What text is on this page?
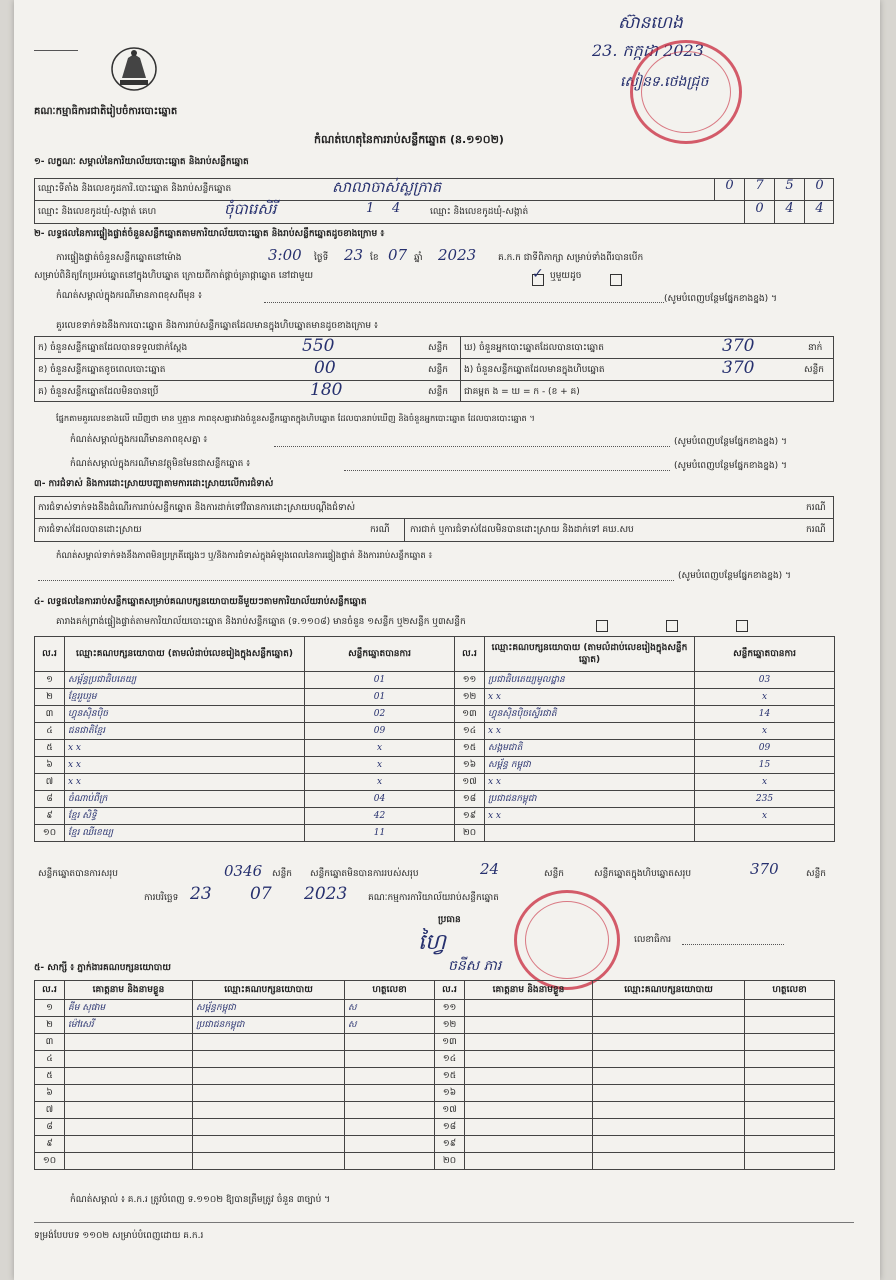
គណៈកម្មាធិការជាតិរៀបចំការបោះឆ្នោត
ស៊ានហេង
23. កក្កដា 2023
សៀនទ.ថេងជ្រុច
កំណត់ហេតុនៃការរាប់សន្លឹកឆ្នោត (ន.១១០២)
១- លក្ខណៈ សម្គាល់នៃការិយាល័យបោះឆ្នោត និងរាប់សន្លឹកឆ្នោត
ឈ្មោះទីតាំង និងលេខកូដការិ.បោះឆ្នោត និងរាប់សន្លឹកឆ្នោត	សាលាចាស់ស្លក្រាត	0	7	5	0
ឈ្មោះ និងលេខកូដឃុំ-សង្កាត់ គេហ	ចុំបារេសិរី	1 4	ឈ្មោះ និងលេខកូដឃុំ-សង្កាត់	0	4	4
២- លទ្ធផលនៃការផ្ទៀងផ្ទាត់ចំនួនសន្លឹកឆ្នោតតាមការិយាល័យបោះឆ្នោត និងរាប់សន្លឹកឆ្នោតដូចខាងក្រោម ៖
ការផ្ទៀងផ្ទាត់ចំនួនសន្លឹកឆ្នោតនៅម៉ោង	3:00 ថ្ងៃទី 23 ខែ 07 ឆ្នាំ 2023 គ.ក.ក ជាទីពិភាក្សា សម្រាប់ទាំងពីរបានបើក
សម្រាប់ពិនិត្យកែប្រអប់ឆ្នោតនៅក្នុងហិបឆ្នោត ក្រោយពីកាត់ផ្តាច់ត្រាផ្កាឆ្នោត នៅជាមួយ	✓ ឬមួយដូច
កំណត់សម្គាល់ក្នុងករណីមានភាពខុសពីមុន ៖	(សូមបំពេញបន្ថែមផ្នែកខាងខ្នង) ។
គួរលេខទាក់ទងនឹងការបោះឆ្នោត និងការរាប់សន្លឹកឆ្នោតដែលមានក្នុងហិបឆ្នោតមានដូចខាងក្រោម ៖
ក) ចំនួនសន្លឹកឆ្នោតដែលបានទទួលជាក់ស្តែង	550	សន្លឹក
ខ) ចំនួនសន្លឹកឆ្នោតខូចពេលបោះឆ្នោត	00	សន្លឹក
គ) ចំនួនសន្លឹកឆ្នោតដែលមិនបានប្រើ	180	សន្លឹក
ឃ) ចំនួនអ្នកបោះឆ្នោតដែលបានបោះឆ្នោត	370	នាក់
ង) ចំនួនសន្លឹកឆ្នោតដែលមានក្នុងហិបឆ្នោត	370	សន្លឹក
ជាគម្ពត ង = ឃ = ក - (ខ + គ)
ផ្នែកតាមគួរលេខខាងលើ ឃើញថា មាន ឬគ្មាន ភាពខុសគ្នារវាងចំនួនសន្លឹកឆ្នោតក្នុងហិបឆ្នោត ដែលបានរាប់ឃើញ និងចំនួនអ្នកបោះឆ្នោត ដែលបានបោះឆ្នោត ។
កំណត់សម្គាល់ក្នុងករណីមានភាពខុសគ្នា ៖	(សូមបំពេញបន្ថែមផ្នែកខាងខ្នង) ។
កំណត់សម្គាល់ក្នុងករណីមានវត្ថុមិនមែនជាសន្លឹកឆ្នោត ៖	(សូមបំពេញបន្ថែមផ្នែកខាងខ្នង) ។
៣- ការជំទាស់ និងការដោះស្រាយបញ្ហាតាមការដោះស្រាយលើការជំទាស់
ការជំទាស់ទាក់ទងនឹងដំណើរការរាប់សន្លឹកឆ្នោត និងការដាក់ទៅវិធានការដោះស្រាយបណ្តឹងជំទាស់	ករណី
ការជំទាស់ដែលបានដោះស្រាយ	ករណី ការជាក់ ឬការជំទាស់ដែលមិនបានដោះស្រាយ និងដាក់ទៅ គឃ.សប	ករណី
កំណត់សម្គាល់ទាក់ទងនឹងភាពមិនប្រក្រតីផ្សេងៗ ឬ/និងការជំទាស់ក្នុងអំឡុងពេលនៃការផ្ទៀងផ្ទាត់ និងការរាប់សន្លឹកឆ្នោត ៖
(សូមបំពេញបន្ថែមផ្នែកខាងខ្នង) ។
៤- លទ្ធផលនៃការរាប់សន្លឹកឆ្នោតសម្រាប់គណបក្សនយោបាយនីមួយៗតាមការិយាល័យរាប់សន្លឹកឆ្នោត
គារាងគក់ព្រាង់ផ្ទៀងផ្ទាត់តាមការិយាល័យបោះឆ្នោត និងរាប់សន្លឹកឆ្នោត (ទ.១១០៨) មានចំនួន ១សន្លឹក ឬ២សន្លឹក ឬ៣សន្លឹក
ល.រ	ឈ្មោះគណបក្សនយោបាយ (តាមលំដាប់លេខរៀងក្នុងសន្លឹកឆ្នោត)	សន្លឹកឆ្នោតបានការ	ល.រ	ឈ្មោះគណបក្សនយោបាយ (តាមលំដាប់លេខរៀងក្នុងសន្លឹកឆ្នោត)	សន្លឹកឆ្នោតបានការ
១	សម្ព័ន្ធប្រជាធិបតេយ្យ	01	១១	ប្រជាធិបតេយ្យមូលដ្ឋាន	03
២	ខ្មែររួបរួម	01	១២	x x	x
៣	ហ្វុនស៊ិនប៉ិច	02	១៣	ហ្វុនស៊ិនប៉ិចស្ទើរជាតិ	14
៤	ជនជាតិខ្មែរ	09	១៤	x x	x
៥	x x	x	១៥	សង្គមជាតិ	09
៦	x x	x	១៦	សម្ព័ន្ធ កម្ពុជា	15
៧	x x	x	១៧	x x	x
៨	ចំណាប់ពីក្រ	04	១៨	ប្រជាជនកម្ពុជា	235
៩	ខ្មែរ សិទ្ធិ	42	១៩	x x	x
១០	ខ្មែរ ឈីខេយ្យ	11	២០		
សន្លឹកឆ្នោតបានការសរុប	0346 សន្លឹក សន្លឹកឆ្នោតមិនបានការរបស់សរុប	24	សន្លឹក	សន្លឹកឆ្នោតក្នុងហិបឆ្នោតសរុប	370	សន្លឹក
ការបរិច្ឆេទ 23 07 2023 គណៈកម្មការការិយាល័យរាប់សន្លឹកឆ្នោត
ប្រធាន
ហ្វៃ
ចនីស ភារ
លេខាធិការ
៥- សាក្សី ៖ ភ្នាក់ងារគណបក្សនយោបាយ
ល.រ	គោត្តនាម និងនាមខ្លួន	ឈ្មោះគណបក្សនយោបាយ	ហត្ថលេខា	ល.រ	គោត្តនាម និងនាមខ្លួន	ឈ្មោះគណបក្សនយោបាយ	ហត្ថលេខា
១	គីម សុផាម	សម្ព័ន្ធកម្ពុជា	ស	១១			
២	ម៉ៅសេរី	ប្រជាជនកម្ពុជា	ស	១២			
៣				១៣			
៤				១៤			
៥				១៥			
៦				១៦			
៧				១៧			
៨				១៨			
៩				១៩			
១០				២០			
កំណត់សម្គាល់ ៖ គ.ក.រ ត្រូវបំពេញ ទ.១១០២ ឱ្យបានត្រឹមត្រូវ ចំនួន ៣ច្បាប់ ។
ទម្រង់បែបបទ ១១០២ សម្រាប់បំពេញដោយ គ.ក.រ
